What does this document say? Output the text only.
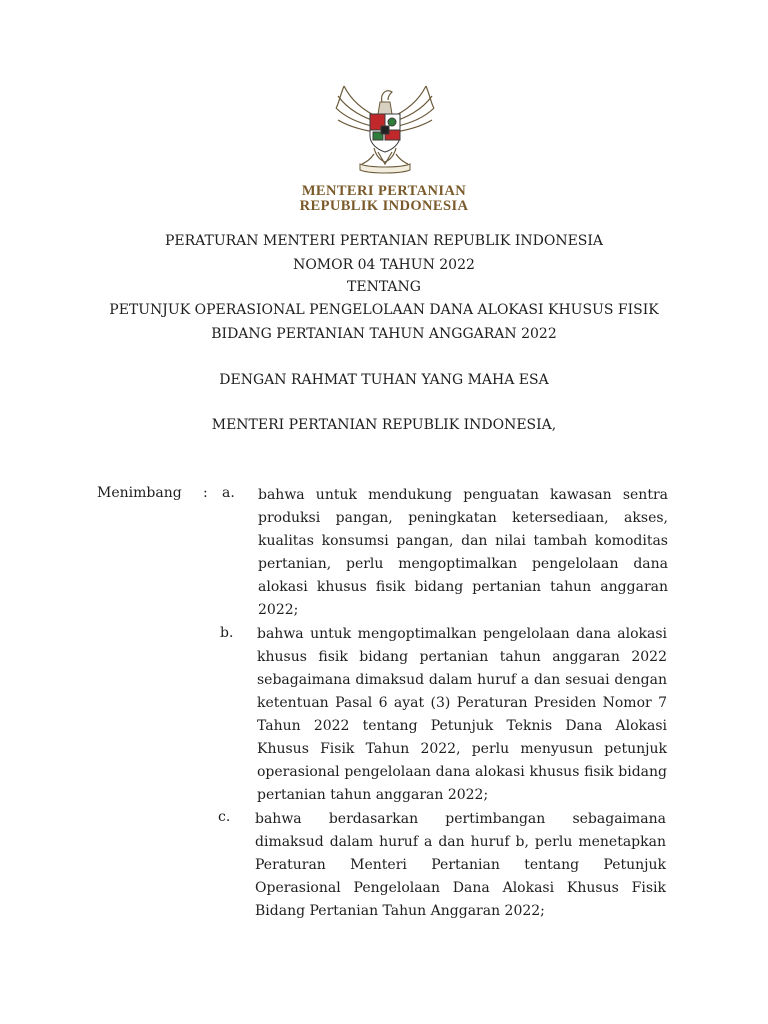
MENTERI PERTANIAN
REPUBLIK INDONESIA
PERATURAN MENTERI PERTANIAN REPUBLIK INDONESIA
NOMOR 04 TAHUN 2022
TENTANG
PETUNJUK OPERASIONAL PENGELOLAAN DANA ALOKASI KHUSUS FISIK
BIDANG PERTANIAN TAHUN ANGGARAN 2022
DENGAN RAHMAT TUHAN YANG MAHA ESA
MENTERI PERTANIAN REPUBLIK INDONESIA,
Menimbang : a. bahwa untuk mendukung penguatan kawasan sentra produksi pangan, peningkatan ketersediaan, akses, kualitas konsumsi pangan, dan nilai tambah komoditas pertanian, perlu mengoptimalkan pengelolaan dana alokasi khusus fisik bidang pertanian tahun anggaran 2022;
b. bahwa untuk mengoptimalkan pengelolaan dana alokasi khusus fisik bidang pertanian tahun anggaran 2022 sebagaimana dimaksud dalam huruf a dan sesuai dengan ketentuan Pasal 6 ayat (3) Peraturan Presiden Nomor 7 Tahun 2022 tentang Petunjuk Teknis Dana Alokasi Khusus Fisik Tahun 2022, perlu menyusun petunjuk operasional pengelolaan dana alokasi khusus fisik bidang pertanian tahun anggaran 2022;
c. bahwa berdasarkan pertimbangan sebagaimana dimaksud dalam huruf a dan huruf b, perlu menetapkan Peraturan Menteri Pertanian tentang Petunjuk Operasional Pengelolaan Dana Alokasi Khusus Fisik Bidang Pertanian Tahun Anggaran 2022;
